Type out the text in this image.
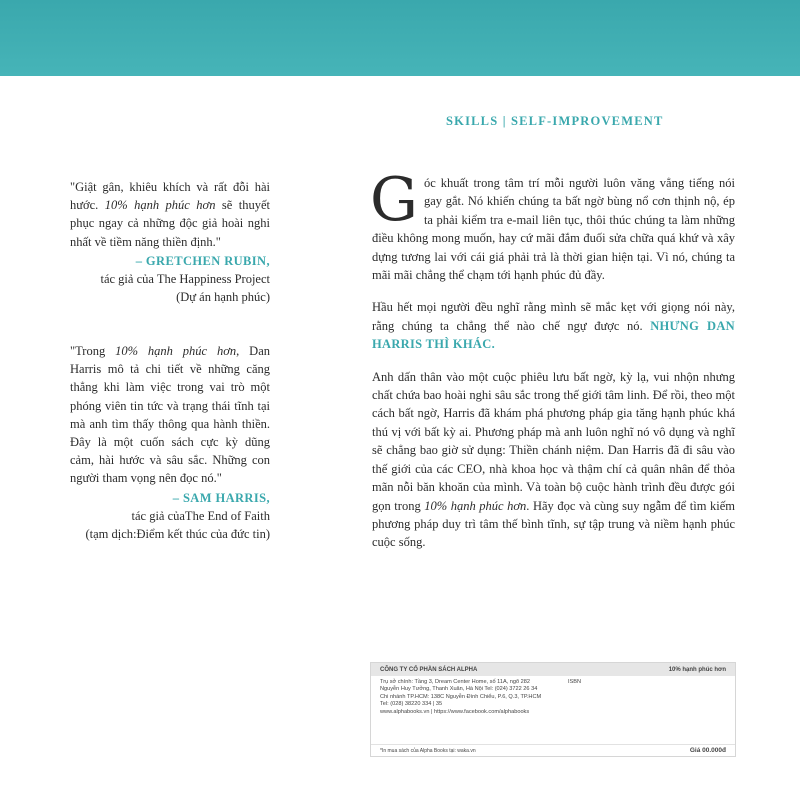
SKILLS | SELF-IMPROVEMENT
"Giật gân, khiêu khích và rất đỗi hài hước. 10% hạnh phúc hơn sẽ thuyết phục ngay cả những độc giả hoài nghi nhất về tiềm năng thiền định."
– GRETCHEN RUBIN,
tác giả của The Happiness Project
(Dự án hạnh phúc)
"Trong 10% hạnh phúc hơn, Dan Harris mô tả chi tiết về những căng thẳng khi làm việc trong vai trò một phóng viên tin tức và trạng thái tĩnh tại mà anh tìm thấy thông qua hành thiền. Đây là một cuốn sách cực kỳ dũng cảm, hài hước và sâu sắc. Những con người tham vọng nên đọc nó."
– SAM HARRIS,
tác giả củaThe End of Faith
(tạm dịch:Điểm kết thúc của đức tin)

Góc khuất trong tâm trí mỗi người luôn văng vẳng tiếng nói gay gắt. Nó khiến chúng ta bất ngờ bùng nổ cơn thịnh nộ, ép ta phải kiểm tra e-mail liên tục, thôi thúc chúng ta làm những điều không mong muốn, hay cứ mãi đắm đuối sửa chữa quá khứ và xây dựng tương lai với cái giá phải trả là thời gian hiện tại. Vì nó, chúng ta mãi mãi chẳng thể chạm tới hạnh phúc đủ đầy.

Hầu hết mọi người đều nghĩ rằng mình sẽ mắc kẹt với giọng nói này, rằng chúng ta chẳng thể nào chế ngự được nó. NHƯNG DAN HARRIS THÌ KHÁC.

Anh dấn thân vào một cuộc phiêu lưu bất ngờ, kỳ lạ, vui nhộn nhưng chất chứa bao hoài nghi sâu sắc trong thế giới tâm linh. Để rồi, theo một cách bất ngờ, Harris đã khám phá phương pháp gia tăng hạnh phúc khá thú vị với bất kỳ ai. Phương pháp mà anh luôn nghĩ nó vô dụng và nghĩ sẽ chẳng bao giờ sử dụng: Thiền chánh niệm. Dan Harris đã đi sâu vào thế giới của các CEO, nhà khoa học và thậm chí cả quân nhân để thỏa mãn nỗi băn khoăn của mình. Và toàn bộ cuộc hành trình đều được gói gọn trong 10% hạnh phúc hơn. Hãy đọc và cùng suy ngẫm để tìm kiếm phương pháp duy trì tâm thế bình tĩnh, sự tập trung và niềm hạnh phúc cuộc sống.

CÔNG TY CỔ PHẦN SÁCH ALPHA	10% hạnh phúc hơn
Trụ sở chính: Tầng 3, Dream Center Home, số 11A, ngõ 282	ISBN
Nguyễn Huy Tưởng, Thanh Xuân, Hà Nội Tel: (024) 3722 26 34
Chi nhánh TP.HCM: 138C Nguyễn Đình Chiểu, P.6, Q.3, TP.HCM
Tel: (028) 38220 334 | 35
www.alphabooks.vn | https://www.facebook.com/alphabooks
*In mua sách của Alpha Books tại: waka.vn	Giá 00.000đ
